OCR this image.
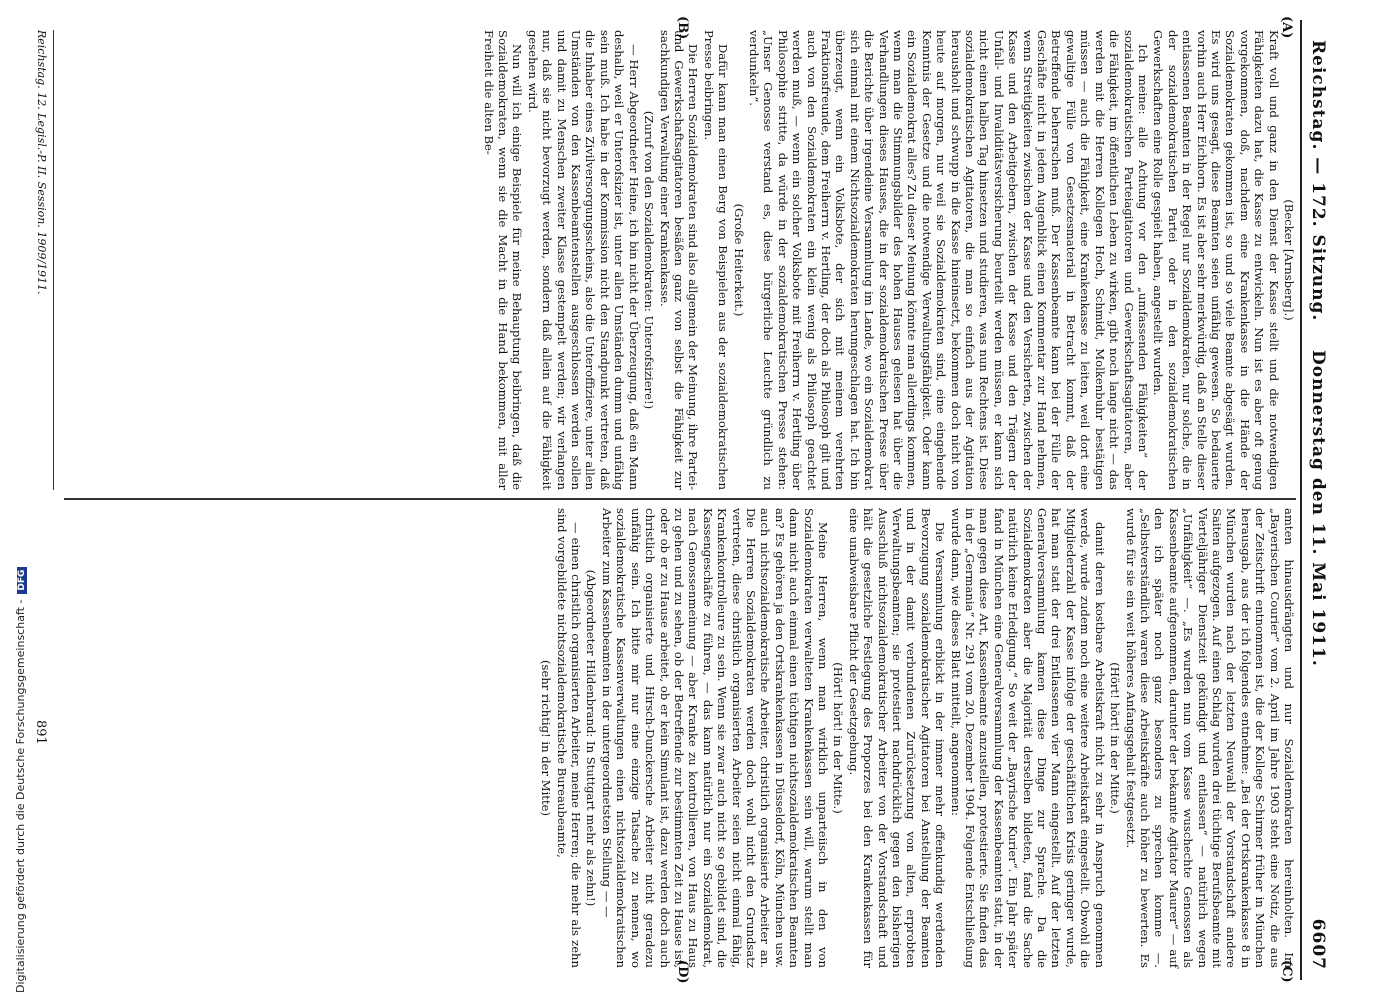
Reichstag. — 172. Sitzung.
Donnerstag den 11. Mai 1911.
6607
(A)
(B)
(C)
(D)

(Becker [Arnsberg].)

Kraft voll und ganz in den Dienst der Kasse stellt und die notwendigen Fähigkeiten dazu hat, die Kasse zu entwickeln. Nun ist es aber oft genug vorgekommen, doß, nachdem eine Krankenkasse in die Hände der Sozialdemokraten gekommen ist, so und so viele Beamte abgesägt wurden. Es wird uns gesagt, diese Beamten seien unfähig gewesen. So bedauerte vorhin auch Herr Eichhorn. Es ist aber sehr merkwürdig, daß an Stelle dieser entlassenen Beamten in der Regel nur Sozialdemokraten, nur solche, die in der sozialdemokratischen Partei oder in den sozialdemokratischen Gewerkschaften eine Rolle gespielt haben, angestellt wurden.

Ich meine: alle Achtung vor den „umfassenden Fähigkeiten“ der sozialdemokratischen Parteiagitatoren und Gewerkschaftsagitatoren, aber die Fähigkeit, im öffentlichen Leben zu wirken, gibt noch lange nicht — das werden mit die Herren Kollegen Hoch, Schmidt, Molkenbuhr bestätigen müssen — auch die Fähigkeit, eine Krankenkasse zu leiten, weil dort eine gewaltige Fülle von Gesetzesmaterial in Betracht kommt, daß der Betreffende beherrschen muß. Der Kassenbeamte kann bei der Fülle der Geschäfte nicht in jedem Augenblick einen Kommentar zur Hand nehmen, wenn Streitigkeiten zwischen der Kasse und den Versicherten, zwischen der Kasse und den Arbeitgebern, zwischen der Kasse und den Trägern der Unfall- und Invaliditätsversicherung beurteilt werden müssen, er kann sich nicht einen halben Tag hinsetzen und studieren, was nun Rechtens ist. Diese sozialdemokratischen Agitatoren, die man so einfach aus der Agitation herausholt und schwupp in die Kasse hineinsetzt, bekommen doch nicht von heute auf morgen, nur weil sie Sozialdemokraten sind, eine eingehende Kenntnis der Gesetze und die notwendige Verwaltungsfähigkeit. Oder kann ein Sozialdemokrat alles? Zu dieser Meinung könnte man allerdings kommen, wenn man die Stimmungsbilder des hohen Hauses gelesen hat über die Verhandlungen dieses Hauses, die in der sozialdemokratischen Presse über die Berichte über irgendeine Versammlung im Lande, wo ein Sozialdemokrat sich einmal mit einem Nichtsozialdemokraten herumgeschlagen hat. Ich bin überzeugt, wenn ein Volksbote, der sich mit meinem verehrten Fraktionsfreunde, dem Freiherrn v. Hertling, der doch als Philosoph gilt und auch von den Sozialdemokraten ein klein wenig als Philosoph geachtet werden muß, — wenn ein solcher Volksbote mit Freiherrn v. Hertling über Philosophie stritte, da würde in der sozialdemokratischen Presse stehen: „Unser Genosse verstand es, diese bürgerliche Leuchte gründlich zu verdunkeln“.

(Große Heiterkeit.)

Dafür kann man einen Berg von Beispielen aus der sozialdemokratischen Presse beibringen.

Die Herren Sozialdemokraten sind also allgemein der Meinung, ihre Partei- und Gewerkschaftsagitatoren besäßen ganz von selbst die Fähigkeit zur sachkundigen Verwaltung einer Krankenkasse.

(Zuruf von den Sozialdemokraten: Unterofsiziere!)

— Herr Abgeordneter Heine, ich bin nicht der Überzeugung, daß ein Mann deshalb, weil er Unterofsizier ist, unter allen Umständen dumm und unfähig sein muß. Ich habe in der Kommission nicht den Standpunkt vertreten, daß die Inhaber eines Zivilversorgungsscheins, also die Unteroffiziere, unter allen Umständen von den Kassenbeamtenstellen ausgeschlossen werden sollen und damit zu Menschen zweiter Klasse gestempelt werden; wir verlangen nur, daß sie nicht bevorzugt werden, sondern daß allein auf die Fähigkeit gesehen wird.

Nun will ich einige Beispiele für meine Behauptung beibringen, daß die Sozialdemokraten, wenn sie die Macht in die Hand bekommen, mit aller Freiheit die alten Be-

amten hinausdrängten und nur Sozialdemokraten hereinholten. Im „Bayerischen Courier“ vom 2. April im Jahre 1903 steht eine Notiz, die aus der Zeitschrift entnommen ist, die der Kollege Schirmer früher in München herausgab, aus der ich folgendes entnehme: „Bei der Ortskrankenkasse 8 in München wurden nach der letzten Neuwahl der Vorstandschaft andere Saiten aufgezogen. Auf einen Schlag wurden drei tüchtige Berufsbeamte mit Vierteljähriger Dienstzeit gekündigt und entlassen“ — natürlich wegen „Unfähigkeit“ —. „Es wurden nun vom Kasse wuschechte Genossen als Kassenbeamte aufgenommen, darunter der bekannte Agitator Maurer“ — auf den ich später noch ganz besonders zu sprechen komme —. „Selbstverständlich waren diese Arbeitskräfte auch höher zu bewerten. Es wurde für sie ein weit höheres Anfangsgehalt festgesetzt.

(Hört! hört! in der Mitte.)

damit deren kostbare Arbeitskraft nicht zu sehr in Anspruch genommen werde, wurde zudem noch eine weitere Arbeitskraft eingestellt. Obwohl die Mitgliederzahl der Kasse infolge der geschäftlichen Krisis geringer wurde, hat man statt der drei Entlassenen vier Mann eingestellt. Auf der letzten Generalversammlung kamen diese Dinge zur Sprache. Da die Sozialdemokraten aber die Majorität derselben bildeten, fand die Sache natürlich keine Erledigung.“ So weit der „Bayrische Kurier“. Ein Jahr später fand in München eine Generalversammlung der Kassenbeamten statt, in der man gegen diese Art, Kassenbeamte anzustellen, protestierte. Sie finden das in der „Germania“ Nr. 291 vom 20. Dezember 1904. Folgende Entschließung wurde dann, wie dieses Blatt mitteilt, angenommen:

Die Versammlung erblickt in der immer mehr offenkundig werdenden Bevorzugung sozialdemokratischer Agitatoren bei Anstellung der Beamten und in der damit verbundenen Zurücksetzung von alten, erprobten Verwaltungsbeamten; sie protestiert nachdrücklich gegen den bisherigen Ausschluß nichtsozialdemokratischer Arbeiter von der Vorstandschaft und hält die gesetzliche Festlegung des Proporzes bei den Krankenkassen für eine unabweisbare Pflicht der Gesetzgebung.

(Hört! hört! in der Mitte.)

Meine Herren, wenn man wirklich unparteiisch in den von Sozialdemokraten verwalteten Krankenkassen sein will, warum stellt man dann nicht auch einmal einen tüchtigen nichtsozialdemokratischen Beamten an? Es gehören ja den Ortskrankenkassen in Düsseldorf, Köln, München usw. auch nichtsozialdemokratische Arbeiter, christlich organisierte Arbeiter an. Die Herren Sozialdemokraten werden doch wohl nicht den Grundsatz vertreten, diese christlich organisierten Arbeiter seien nicht einmal fähig, Krankenkontrolleure zu sein. Wenn sie zwar auch nicht so gebildet sind, die Kassengeschäfte zu führen, — das kann natürlich nur ein Sozialdemokrat, nach Genossenmeinung — aber Kranke zu kontrollieren, von Haus zu Haus zu gehen und zu sehen, ob der Betreffende zur bestimmten Zeit zu Hause ist, oder ob er zu Hause arbeitet, ob er kein Simulant ist, dazu werden doch auch christlich organisierte und Hirsch-Dunckersche Arbeiter nicht geradezu unfähig sein. Ich bitte mir nur eine einzige Tatsache zu nennen, wo sozialdemokratische Kassenverwaltungen einen nichtsozialdemokratischen Arbeiter zum Kassenbeamten in der untergeordnetsten Stellung — —

(Abgeordneter Hildenbrand: In Stuttgart mehr als zehn!)

— einen christlich organisierten Arbeiter, meine Herren; die mehr als zehn sind vorgebildete nichtsozialdemokratische Bureaubeamte,

(sehr richtig! in der Mitte)

Reichstag. 12. Legisl.-P. II. Session. 1909/1911.
891
Digitalisierung gefördert durch die Deutsche Forschungsgemeinschaft -DFG
